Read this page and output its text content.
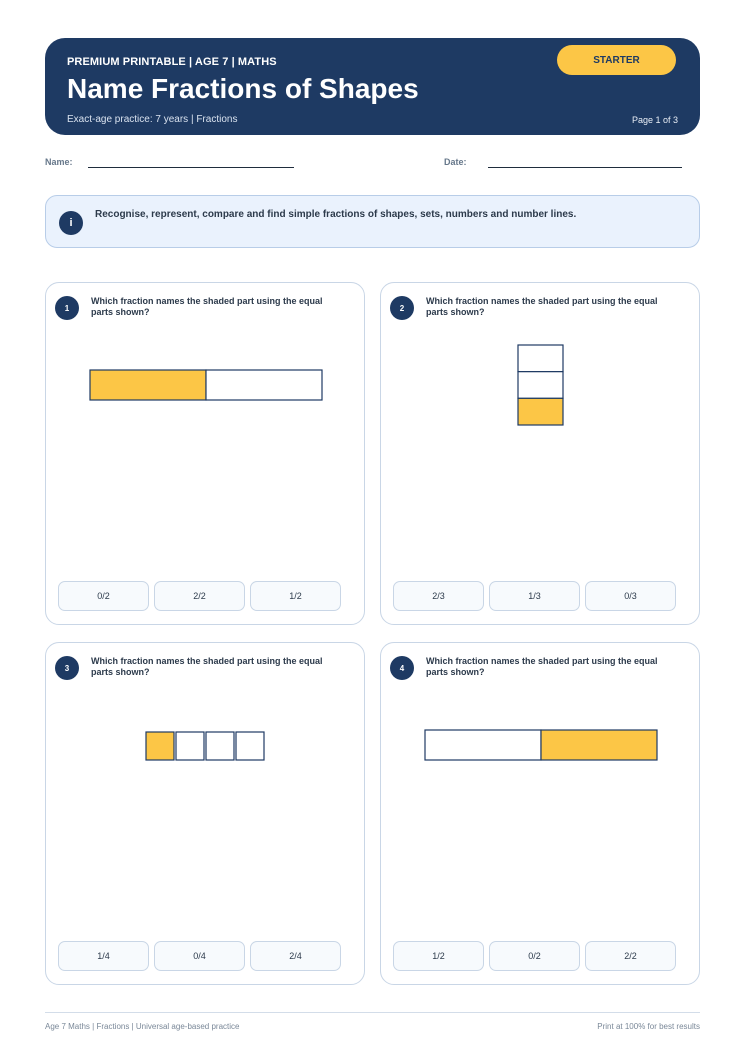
PREMIUM PRINTABLE | AGE 7 | MATHS
Name Fractions of Shapes
Exact-age practice: 7 years | Fractions	Page 1 of 3
STARTER
Name:	Date:
i
Recognise, represent, compare and find simple fractions of shapes, sets, numbers and number lines.
1
Which fraction names the shaded part using the equal parts shown?
0/2	2/2	1/2
2
Which fraction names the shaded part using the equal parts shown?
2/3	1/3	0/3
3
Which fraction names the shaded part using the equal parts shown?
1/4	0/4	2/4
4
Which fraction names the shaded part using the equal parts shown?
1/2	0/2	2/2
Age 7 Maths | Fractions | Universal age-based practice	Print at 100% for best results
